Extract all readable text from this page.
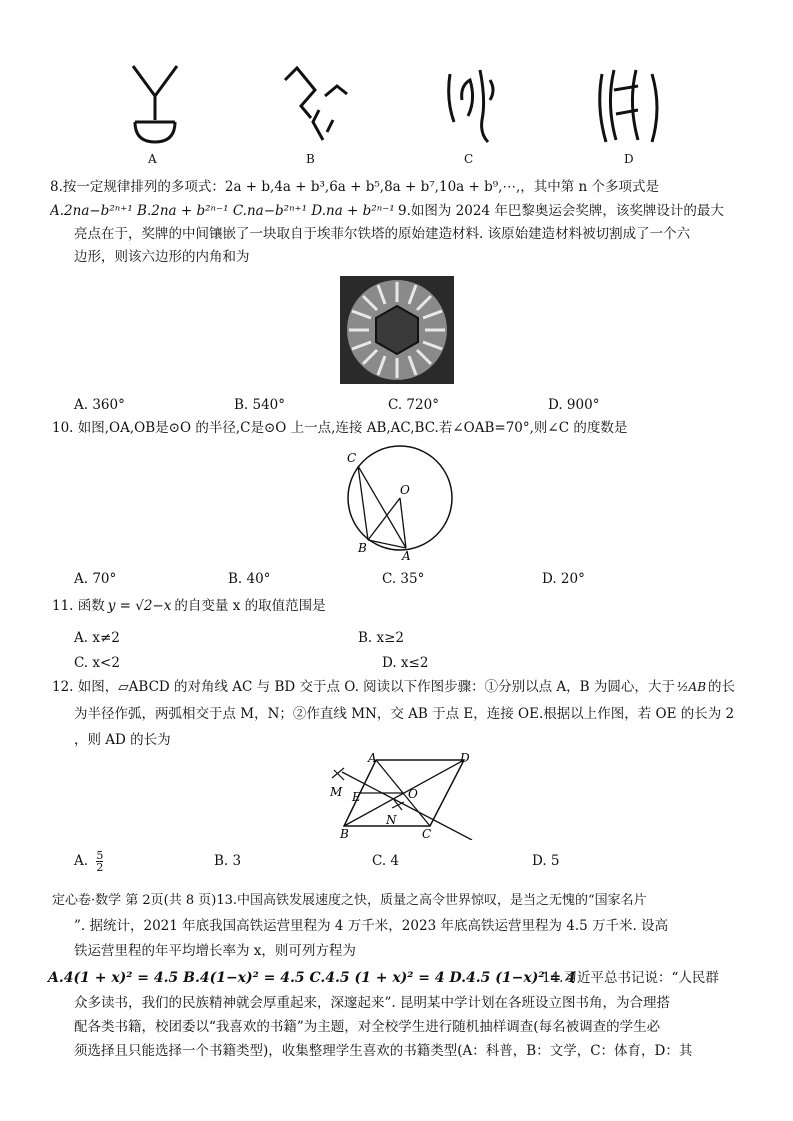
A	B	C	D
8.按一定规律排列的多项式：2a + b,4a + b³,6a + b⁵,8a + b⁷,10a + b⁹,⋯,，其中第 n 个多项式是
A.2na−b²ⁿ⁺¹ B.2na + b²ⁿ⁻¹ C.na−b²ⁿ⁺¹ D.na + b²ⁿ⁻¹ 9.如图为 2024 年巴黎奥运会奖牌，该奖牌设计的最大
亮点在于，奖牌的中间镶嵌了一块取自于埃菲尔铁塔的原始建造材料. 该原始建造材料被切割成了一个六
边形，则该六边形的内角和为
A. 360°	B. 540°	C. 720°	D. 900°
10. 如图,OA,OB是⊙O 的半径,C是⊙O 上一点,连接 AB,AC,BC.若∠OAB=70°,则∠C 的度数是
C
O
B
A
A. 70°	B. 40°	C. 35°	D. 20°
11. 函数 y = √2−x 的自变量 x 的取值范围是
A. x≠2	B. x≥2
C. x<2	D. x≤2
12. 如图，▱ABCD 的对角线 AC 与 BD 交于点 O. 阅读以下作图步骤：①分别以点 A，B 为圆心，大于 ½AB 的长
为半径作弧，两弧相交于点 M，N；②作直线 MN，交 AB 于点 E，连接 OE.根据以上作图，若 OE 的长为 2
，则 AD 的长为
A	D
M E	O
N
B	C
A. $\frac{5}{2}$	B. 3	C. 4	D. 5
定心卷·数学 第 2页(共 8 页)13.中国高铁发展速度之快，质量之高令世界惊叹，是当之无愧的“国家名片
”. 据统计，2021 年底我国高铁运营里程为 4 万千米，2023 年底高铁运营里程为 4.5 万千米. 设高
铁运营里程的年平均增长率为 x，则可列方程为
A.4(1 + x)² = 4.5 B.4(1−x)² = 4.5 C.4.5 (1 + x)² = 4 D.4.5 (1−x)² = 4
14.习近平总书记说：“人民群
众多读书，我们的民族精神就会厚重起来，深邃起来”. 昆明某中学计划在各班设立图书角，为合理搭
配各类书籍，校团委以“我喜欢的书籍”为主题，对全校学生进行随机抽样调查(每名被调查的学生必
须选择且只能选择一个书籍类型)，收集整理学生喜欢的书籍类型(A：科普，B：文学，C：体育，D：其
